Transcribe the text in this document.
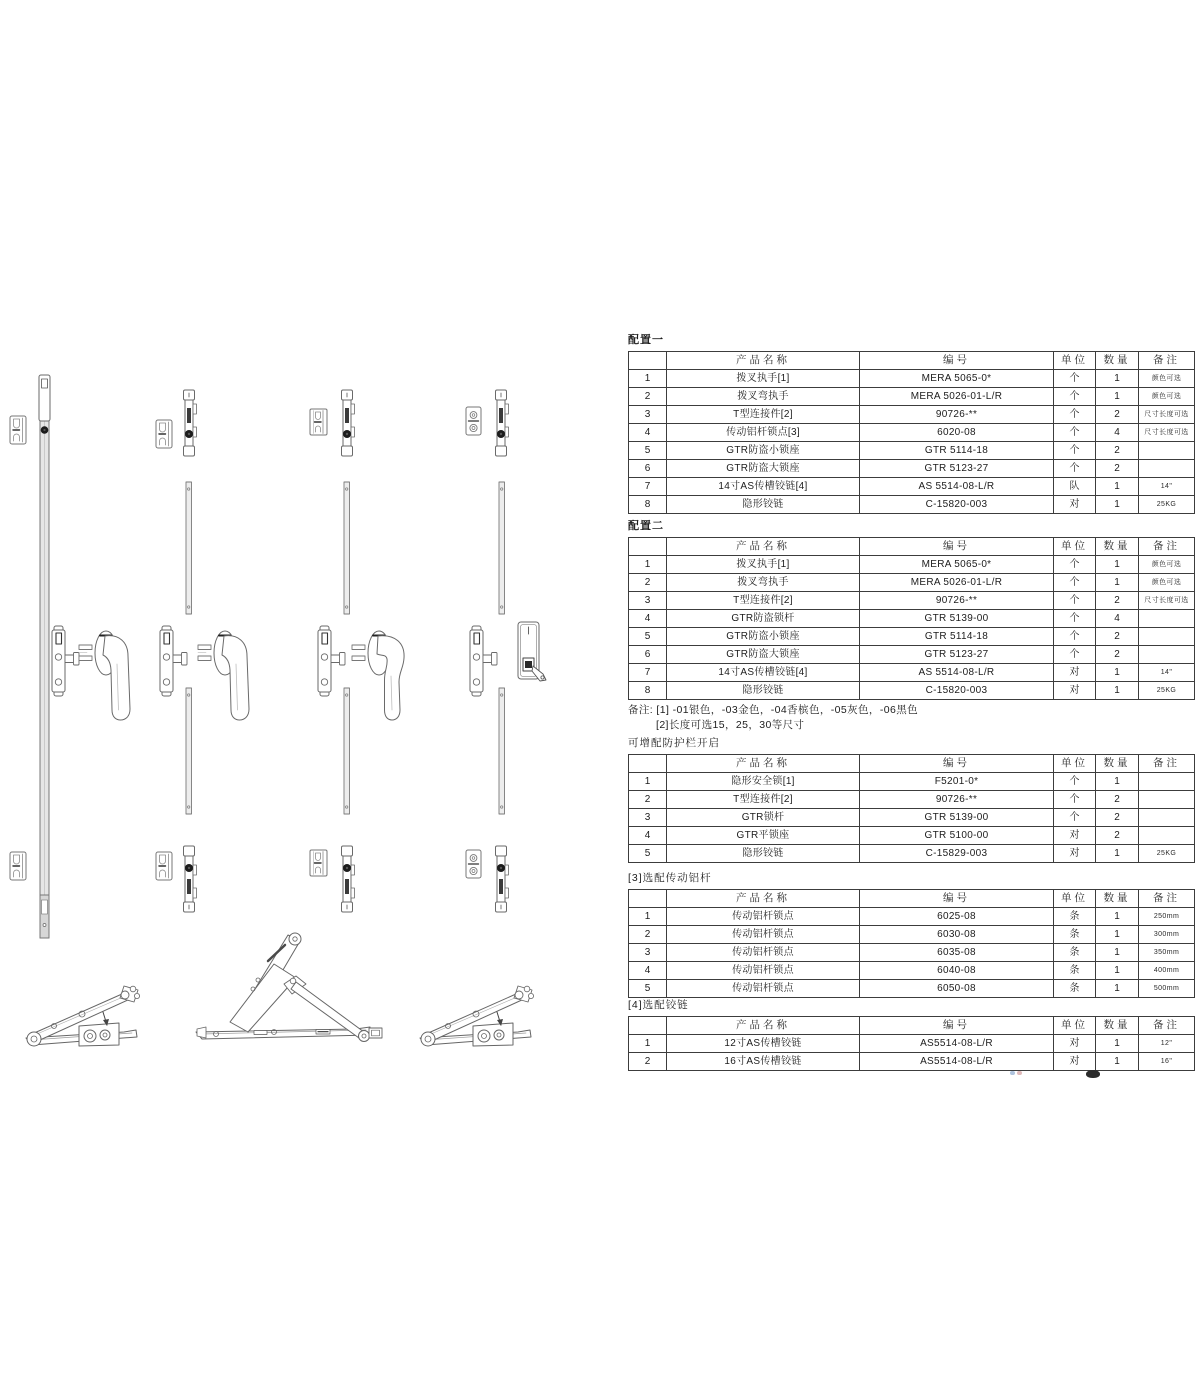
配置一
	产品名称	编号	单位	数量	备注
1	拨叉执手[1]	MERA 5065-0*	个	1	颜色可选
2	拨叉弯执手	MERA 5026-01-L/R	个	1	颜色可选
3	T型连接件[2]	90726-**	个	2	尺寸长度可选
4	传动铝杆锁点[3]	6020-08	个	4	尺寸长度可选
5	GTR防盗小锁座	GTR 5114-18	个	2	
6	GTR防盗大锁座	GTR 5123-27	个	2	
7	14寸AS传槽铰链[4]	AS 5514-08-L/R	队	1	14"
8	隐形铰链	C-15820-003	对	1	25KG
配置二
	产品名称	编号	单位	数量	备注
1	拨叉执手[1]	MERA 5065-0*	个	1	颜色可选
2	拨叉弯执手	MERA 5026-01-L/R	个	1	颜色可选
3	T型连接件[2]	90726-**	个	2	尺寸长度可选
4	GTR防盗锁杆	GTR 5139-00	个	4	
5	GTR防盗小锁座	GTR 5114-18	个	2	
6	GTR防盗大锁座	GTR 5123-27	个	2	
7	14寸AS传槽铰链[4]	AS 5514-08-L/R	对	1	14"
8	隐形铰链	C-15820-003	对	1	25KG
备注: [1] -01银色，-03金色，-04香槟色，-05灰色，-06黑色
[2]长度可选15，25，30等尺寸
可增配防护栏开启
	产品名称	编号	单位	数量	备注
1	隐形安全锁[1]	F5201-0*	个	1	
2	T型连接件[2]	90726-**	个	2	
3	GTR锁杆	GTR 5139-00	个	2	
4	GTR平锁座	GTR 5100-00	对	2	
5	隐形铰链	C-15829-003	对	1	25KG
[3]选配传动铝杆
	产品名称	编号	单位	数量	备注
1	传动铝杆锁点	6025-08	条	1	250mm
2	传动铝杆锁点	6030-08	条	1	300mm
3	传动铝杆锁点	6035-08	条	1	350mm
4	传动铝杆锁点	6040-08	条	1	400mm
5	传动铝杆锁点	6050-08	条	1	500mm
[4]选配铰链
	产品名称	编号	单位	数量	备注
1	12寸AS传槽铰链	AS5514-08-L/R	对	1	12"
2	16寸AS传槽铰链	AS5514-08-L/R	对	1	16"
